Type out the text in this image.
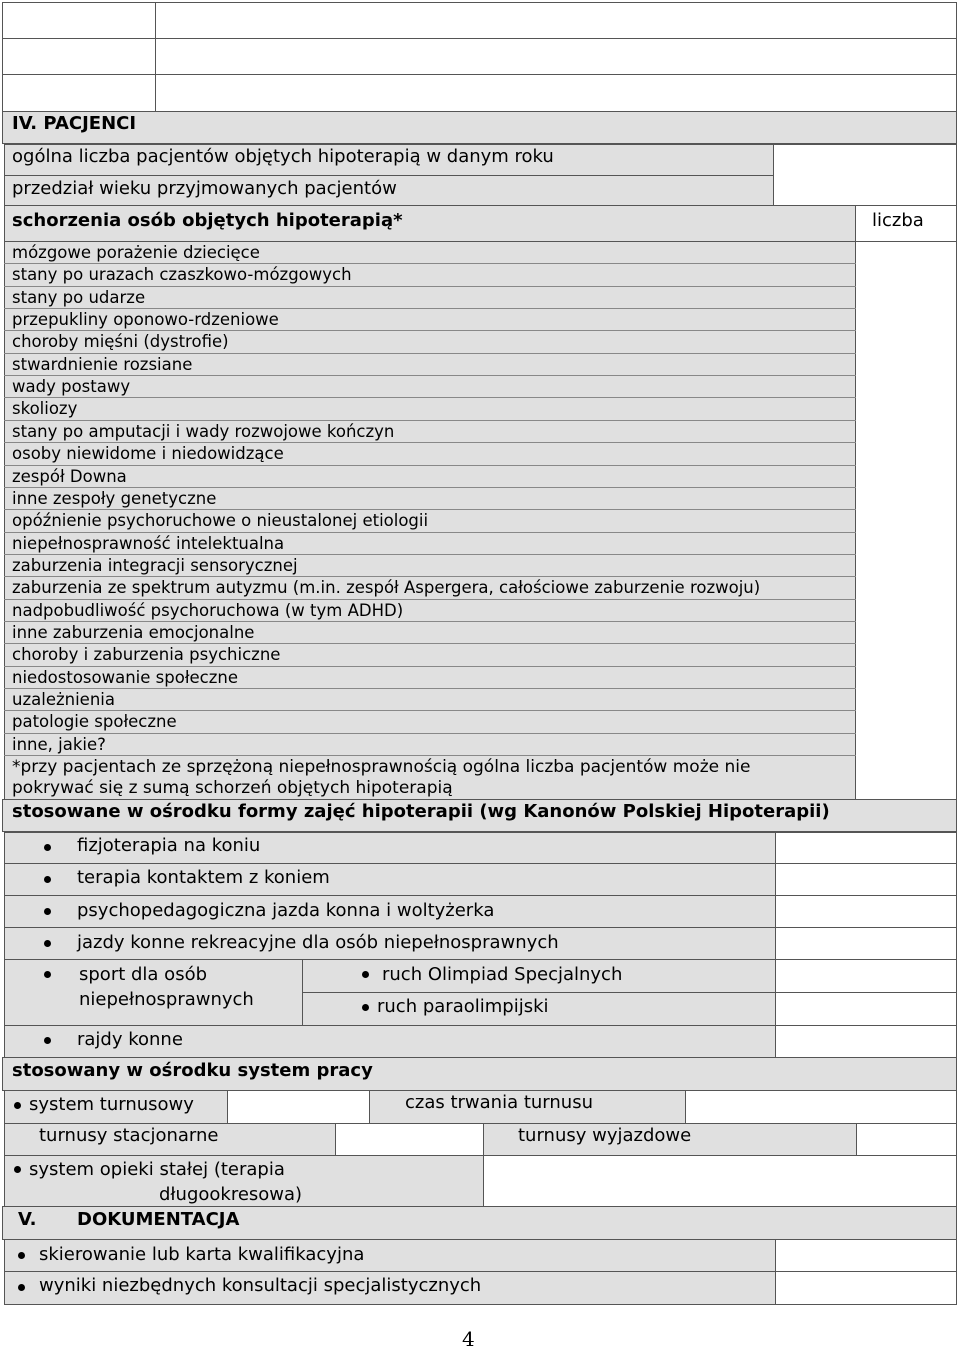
IV. PACJENCI
ogólna liczba pacjentów objętych hipoterapią w danym roku
przedział wieku przyjmowanych pacjentów
schorzenia osób objętych hipoterapią*	liczba
mózgowe porażenie dziecięce
stany po urazach czaszkowo-mózgowych
stany po udarze
przepukliny oponowo-rdzeniowe
choroby mięśni (dystrofie)
stwardnienie rozsiane
wady postawy
skoliozy
stany po amputacji i wady rozwojowe kończyn
osoby niewidome i niedowidzące
zespół Downa
inne zespoły genetyczne
opóźnienie psychoruchowe o nieustalonej etiologii
niepełnosprawność intelektualna
zaburzenia integracji sensorycznej
zaburzenia ze spektrum autyzmu (m.in. zespół Aspergera, całościowe zaburzenie rozwoju)
nadpobudliwość psychoruchowa (w tym ADHD)
inne zaburzenia emocjonalne
choroby i zaburzenia psychiczne
niedostosowanie społeczne
uzależnienia
patologie społeczne
inne, jakie?
*przy pacjentach ze sprzężoną niepełnosprawnością ogólna liczba pacjentów może nie
pokrywać się z sumą schorzeń objętych hipoterapią
stosowane w ośrodku formy zajęć hipoterapii (wg Kanonów Polskiej Hipoterapii)
fizjoterapia na koniu
terapia kontaktem z koniem
psychopedagogiczna jazda konna i woltyżerka
jazdy konne rekreacyjne dla osób niepełnosprawnych
sport dla osób
niepełnosprawnych
ruch Olimpiad Specjalnych
ruch paraolimpijski
rajdy konne
stosowany w ośrodku system pracy
system turnusowy	czas trwania turnusu
turnusy stacjonarne	turnusy wyjazdowe
system opieki stałej (terapia
długookresowa)
V. DOKUMENTACJA
skierowanie lub karta kwalifikacyjna
wyniki niezbędnych konsultacji specjalistycznych
4
